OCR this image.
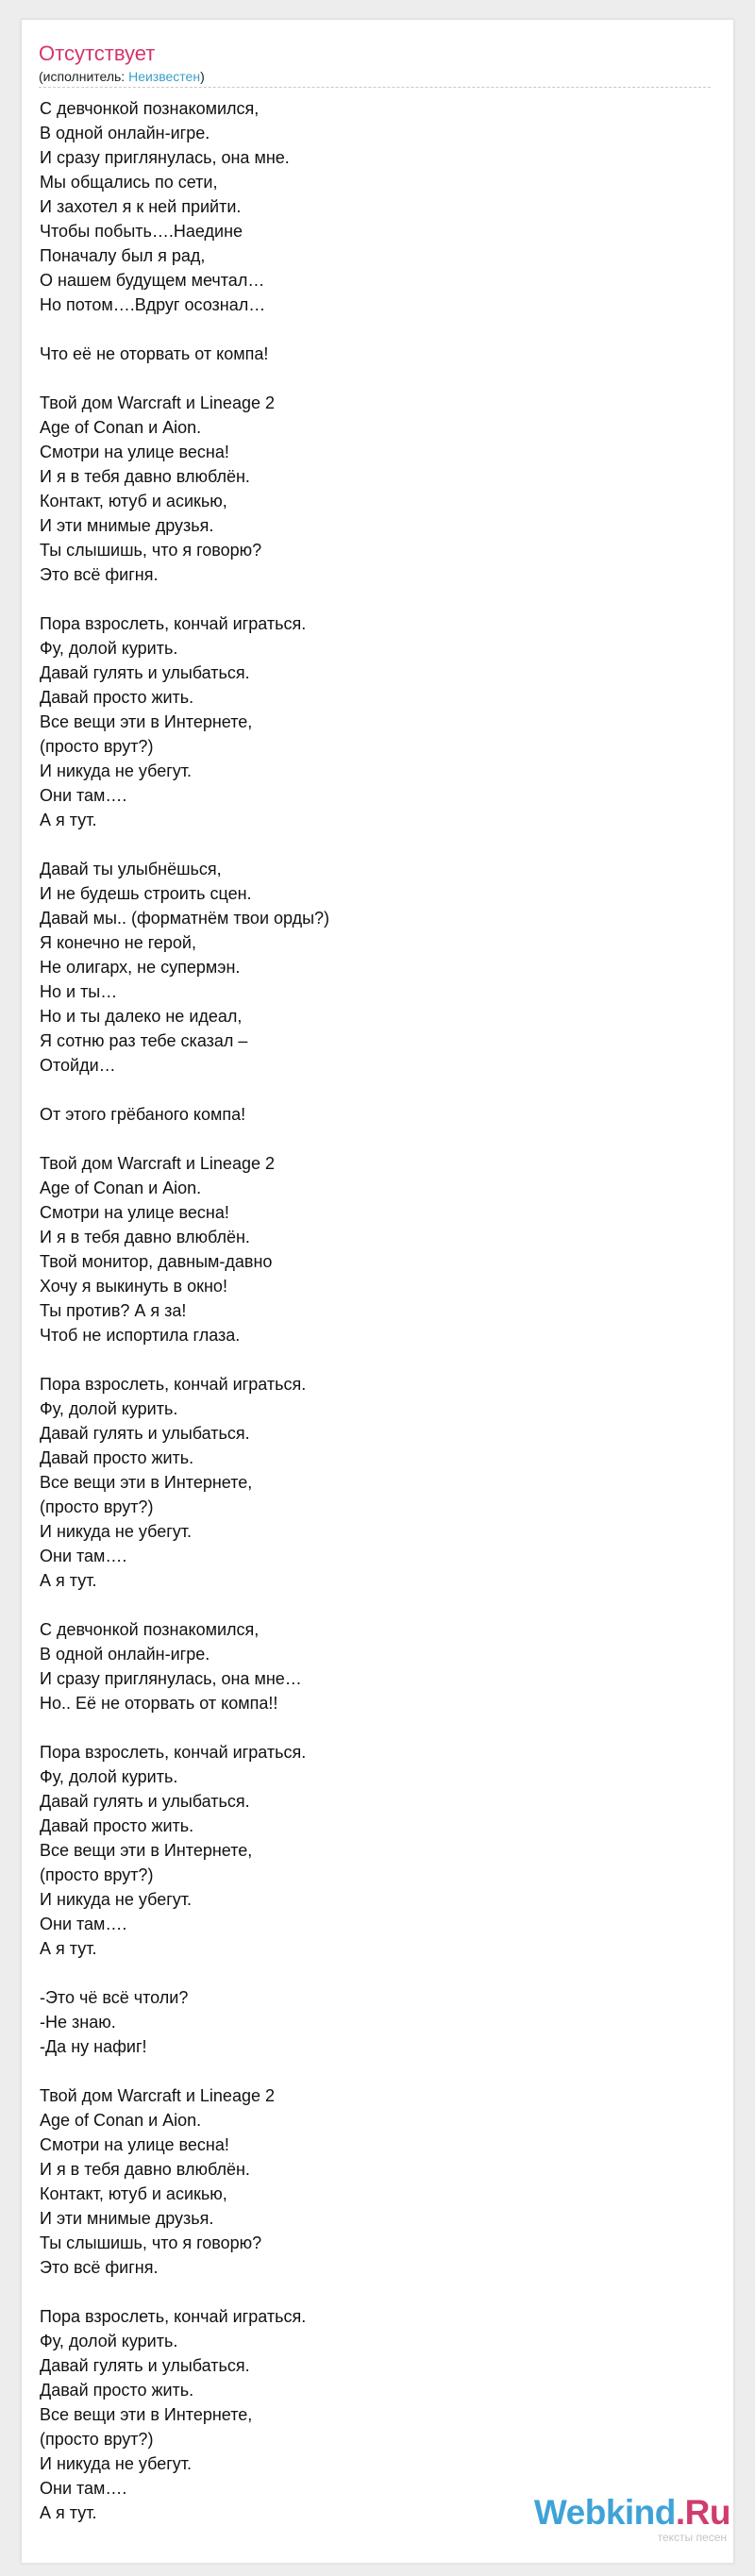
Отсутствует
(исполнитель: Неизвестен)
С девчонкой познакомился,
В одной онлайн-игре.
И сразу приглянулась, она мне.
Мы общались по сети,
И захотел я к ней прийти.
Чтобы побыть….Наедине
Поначалу был я рад,
О нашем будущем мечтал…
Но потом….Вдруг осознал…
Что её не оторвать от компа!
Твой дом Warcraft и Lineage 2
Age of Conan и Aion.
Смотри на улице весна!
И я в тебя давно влюблён.
Контакт, ютуб и асикью,
И эти мнимые друзья.
Ты слышишь, что я говорю?
Это всё фигня.
Пора взрослеть, кончай играться.
Фу, долой курить.
Давай гулять и улыбаться.
Давай просто жить.
Все вещи эти в Интернете,
(просто врут?)
И никуда не убегут.
Они там….
А я тут.
Давай ты улыбнёшься,
И не будешь строить сцен.
Давай мы.. (форматнём твои орды?)
Я конечно не герой,
Не олигарх, не супермэн.
Но и ты…
Но и ты далеко не идеал,
Я сотню раз тебе сказал –
Отойди…
От этого грёбаного компа!
Твой дом Warcraft и Lineage 2
Age of Conan и Aion.
Смотри на улице весна!
И я в тебя давно влюблён.
Твой монитор, давным-давно
Хочу я выкинуть в окно!
Ты против? А я за!
Чтоб не испортила глаза.
Пора взрослеть, кончай играться.
Фу, долой курить.
Давай гулять и улыбаться.
Давай просто жить.
Все вещи эти в Интернете,
(просто врут?)
И никуда не убегут.
Они там….
А я тут.
С девчонкой познакомился,
В одной онлайн-игре.
И сразу приглянулась, она мне…
Но.. Её не оторвать от компа!!
Пора взрослеть, кончай играться.
Фу, долой курить.
Давай гулять и улыбаться.
Давай просто жить.
Все вещи эти в Интернете,
(просто врут?)
И никуда не убегут.
Они там….
А я тут.
-Это чё всё чтоли?
-Не знаю.
-Да ну нафиг!
Твой дом Warcraft и Lineage 2
Age of Conan и Aion.
Смотри на улице весна!
И я в тебя давно влюблён.
Контакт, ютуб и асикью,
И эти мнимые друзья.
Ты слышишь, что я говорю?
Это всё фигня.
Пора взрослеть, кончай играться.
Фу, долой курить.
Давай гулять и улыбаться.
Давай просто жить.
Все вещи эти в Интернете,
(просто врут?)
И никуда не убегут.
Они там….
А я тут.	Webkind.Ru
тексты песен
